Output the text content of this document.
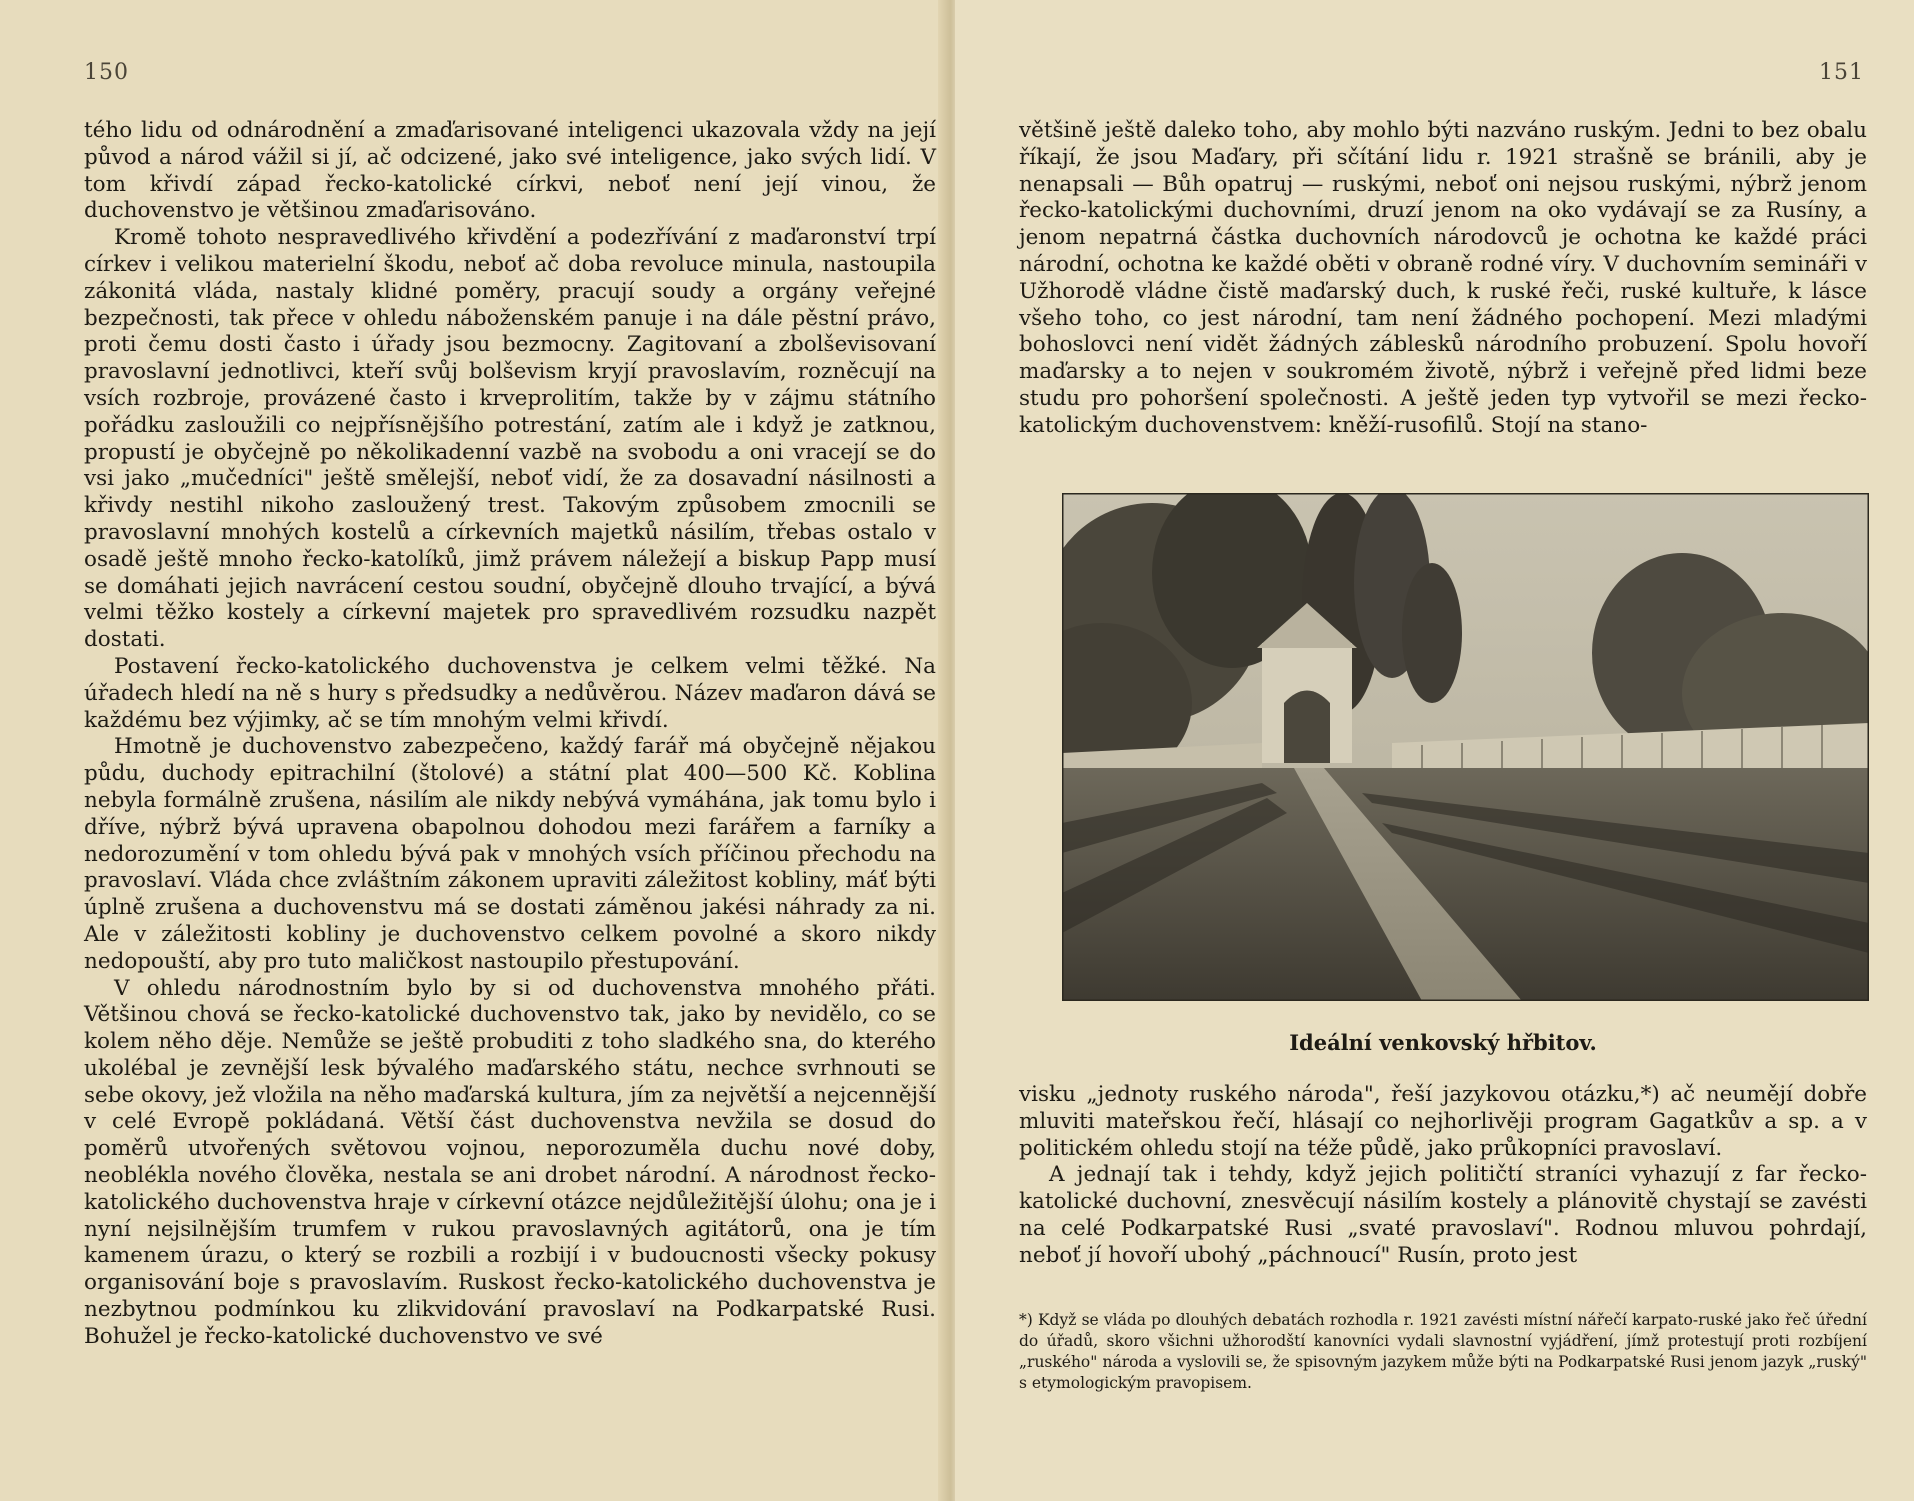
150

tého lidu od odnárodnění a zmaďarisované inteligenci ukazovala vždy na její původ a národ vážil si jí, ač odcizené, jako své inteligence, jako svých lidí. V tom křivdí západ řecko-katolické církvi, neboť není její vinou, že duchovenstvo je většinou zmaďarisováno.

Kromě tohoto nespravedlivého křivdění a podezřívání z maďaronství trpí církev i velikou materielní škodu, neboť ač doba revoluce minula, nastoupila zákonitá vláda, nastaly klidné poměry, pracují soudy a orgány veřejné bezpečnosti, tak přece v ohledu náboženském panuje i na dále pěstní právo, proti čemu dosti často i úřady jsou bezmocny. Zagitovaní a zbolševisovaní pravoslavní jednotlivci, kteří svůj bolševism kryjí pravoslavím, rozněcují na vsích rozbroje, provázené často i krveprolitím, takže by v zájmu státního pořádku zasloužili co nejpřísnějšího potrestání, zatím ale i když je zatknou, propustí je obyčejně po několikadenní vazbě na svobodu a oni vracejí se do vsi jako „mučedníci" ještě smělejší, neboť vidí, že za dosavadní násilnosti a křivdy nestihl nikoho zasloužený trest. Takovým způsobem zmocnili se pravoslavní mnohých kostelů a církevních majetků násilím, třebas ostalo v osadě ještě mnoho řecko-katolíků, jimž právem náležejí a biskup Papp musí se domáhati jejich navrácení cestou soudní, obyčejně dlouho trvající, a bývá velmi těžko kostely a církevní majetek pro spravedlivém rozsudku nazpět dostati.

Postavení řecko-katolického duchovenstva je celkem velmi těžké. Na úřadech hledí na ně s hury s předsudky a nedůvěrou. Název maďaron dává se každému bez výjimky, ač se tím mnohým velmi křivdí.

Hmotně je duchovenstvo zabezpečeno, každý farář má obyčejně nějakou půdu, duchody epitrachilní (štolové) a státní plat 400—500 Kč. Koblina nebyla formálně zrušena, násilím ale nikdy nebývá vymáhána, jak tomu bylo i dříve, nýbrž bývá upravena obapolnou dohodou mezi farářem a farníky a nedorozumění v tom ohledu bývá pak v mnohých vsích příčinou přechodu na pravoslaví. Vláda chce zvláštním zákonem upraviti záležitost kobliny, máť býti úplně zrušena a duchovenstvu má se dostati záměnou jakési náhrady za ni. Ale v záležitosti kobliny je duchovenstvo celkem povolné a skoro nikdy nedopouští, aby pro tuto maličkost nastoupilo přestupování.

V ohledu národnostním bylo by si od duchovenstva mnohého přáti. Většinou chová se řecko-katolické duchovenstvo tak, jako by nevidělo, co se kolem něho děje. Nemůže se ještě probuditi z toho sladkého sna, do kterého ukolébal je zevnější lesk bývalého maďarského státu, nechce svrhnouti se sebe okovy, jež vložila na něho maďarská kultura, jím za největší a nejcennější v celé Evropě pokládaná. Větší část duchovenstva nevžila se dosud do poměrů utvořených světovou vojnou, neporozuměla duchu nové doby, neoblékla nového člověka, nestala se ani drobet národní. A národnost řecko-katolického duchovenstva hraje v církevní otázce nejdůležitější úlohu; ona je i nyní nejsilnějším trumfem v rukou pravoslavných agitátorů, ona je tím kamenem úrazu, o který se rozbili a rozbijí i v budoucnosti všecky pokusy organisování boje s pravoslavím. Ruskost řecko-katolického duchovenstva je nezbytnou podmínkou ku zlikvidování pravoslaví na Podkarpatské Rusi. Bohužel je řecko-katolické duchovenstvo ve své

151

většině ještě daleko toho, aby mohlo býti nazváno ruským. Jedni to bez obalu říkají, že jsou Maďary, při sčítání lidu r. 1921 strašně se bránili, aby je nenapsali — Bůh opatruj — ruskými, neboť oni nejsou ruskými, nýbrž jenom řecko-katolickými duchovními, druzí jenom na oko vydávají se za Rusíny, a jenom nepatrná částka duchovních národovců je ochotna ke každé práci národní, ochotna ke každé oběti v obraně rodné víry. V duchovním semináři v Užhorodě vládne čistě maďarský duch, k ruské řeči, ruské kultuře, k lásce všeho toho, co jest národní, tam není žádného pochopení. Mezi mladými bohoslovci není vidět žádných záblesků národního probuzení. Spolu hovoří maďarsky a to nejen v soukromém životě, nýbrž i veřejně před lidmi beze studu pro pohoršení společnosti. A ještě jeden typ vytvořil se mezi řecko-katolickým duchovenstvem: kněží-rusofilů. Stojí na stano-

Ideální venkovský hřbitov.

visku „jednoty ruského národa", řeší jazykovou otázku,*) ač neumějí dobře mluviti mateřskou řečí, hlásají co nejhorlivěji program Gagatkův a sp. a v politickém ohledu stojí na téže půdě, jako průkopníci pravoslaví.

A jednají tak i tehdy, když jejich političtí straníci vyhazují z far řecko-katolické duchovní, znesvěcují násilím kostely a plánovitě chystají se zavésti na celé Podkarpatské Rusi „svaté pravoslaví". Rodnou mluvou pohrdají, neboť jí hovoří ubohý „páchnoucí" Rusín, proto jest

*) Když se vláda po dlouhých debatách rozhodla r. 1921 zavésti místní nářečí karpato-ruské jako řeč úřední do úřadů, skoro všichni užhorodští kanovníci vydali slavnostní vyjádření, jímž protestují proti rozbíjení „ruského" národa a vyslovili se, že spisovným jazykem může býti na Podkarpatské Rusi jenom jazyk „ruský" s etymologickým pravopisem.
